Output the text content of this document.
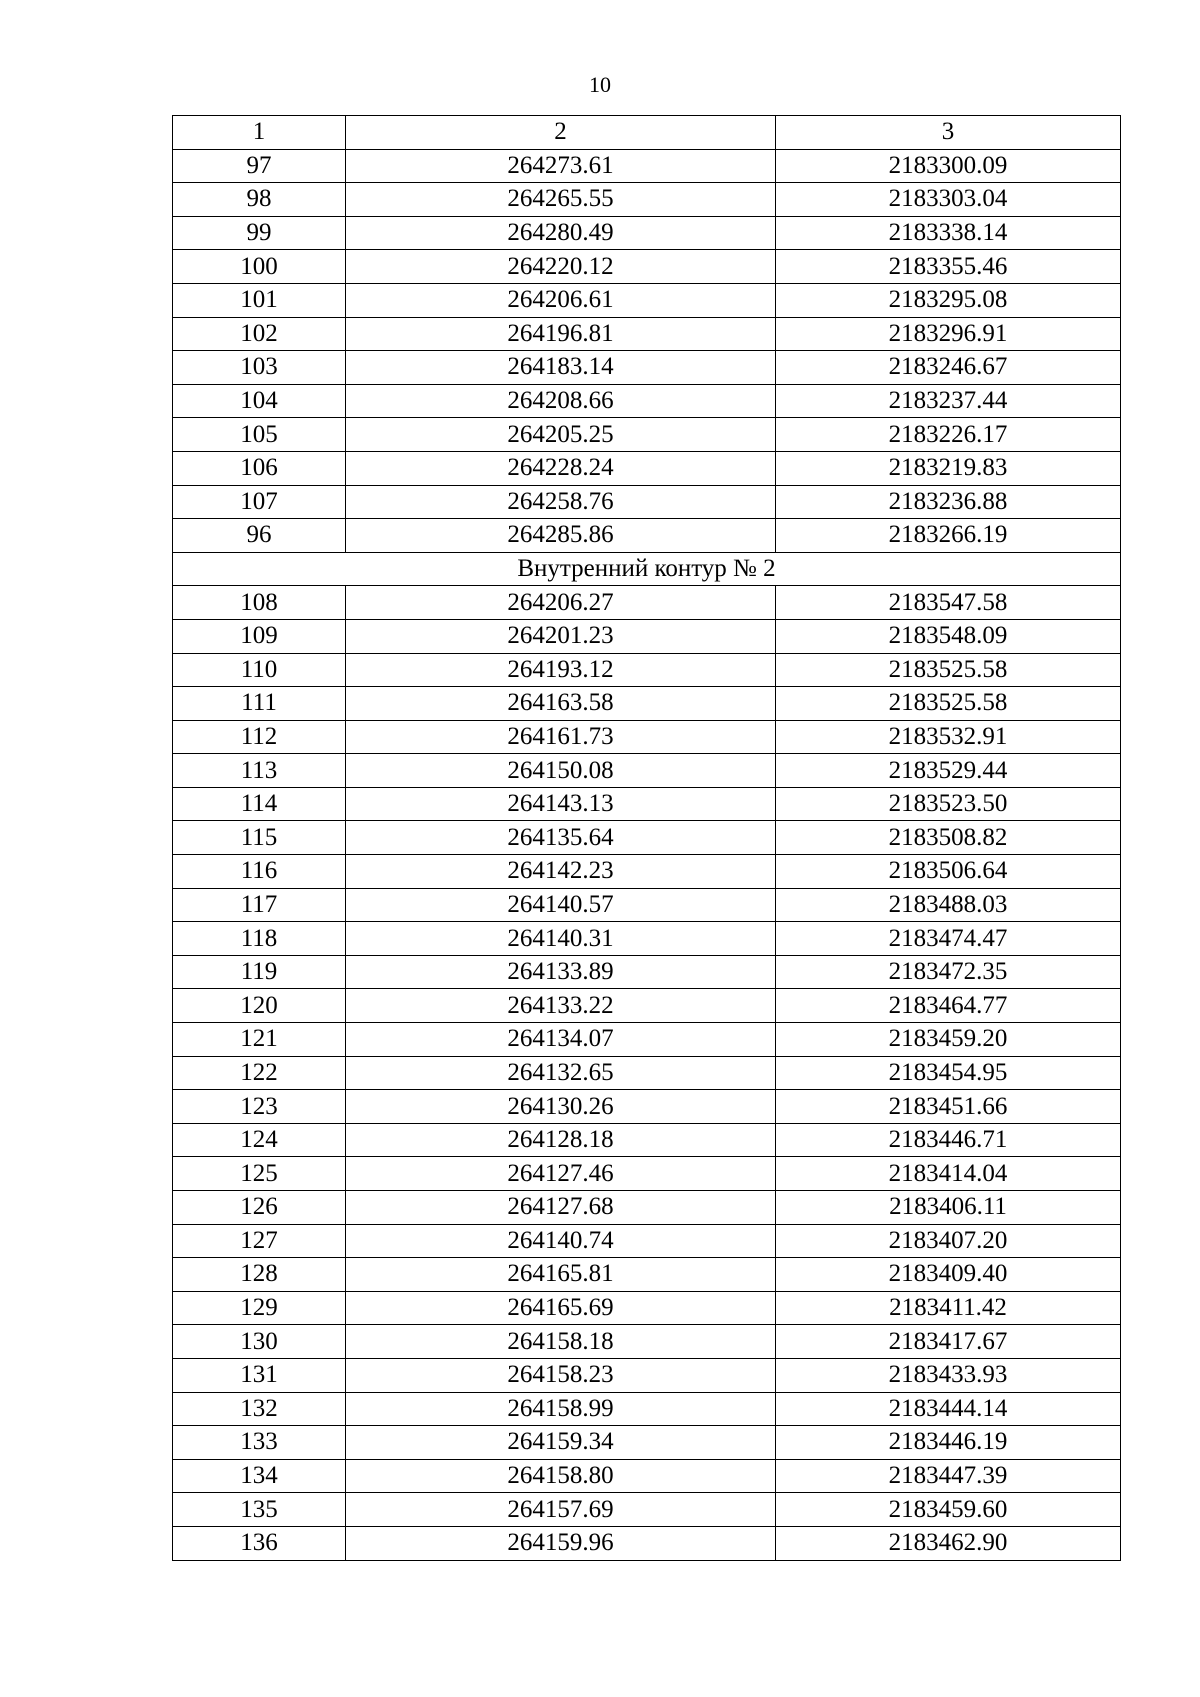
10
1	2	3
97	264273.61	2183300.09
98	264265.55	2183303.04
99	264280.49	2183338.14
100	264220.12	2183355.46
101	264206.61	2183295.08
102	264196.81	2183296.91
103	264183.14	2183246.67
104	264208.66	2183237.44
105	264205.25	2183226.17
106	264228.24	2183219.83
107	264258.76	2183236.88
96	264285.86	2183266.19
Внутренний контур № 2		
108	264206.27	2183547.58
109	264201.23	2183548.09
110	264193.12	2183525.58
111	264163.58	2183525.58
112	264161.73	2183532.91
113	264150.08	2183529.44
114	264143.13	2183523.50
115	264135.64	2183508.82
116	264142.23	2183506.64
117	264140.57	2183488.03
118	264140.31	2183474.47
119	264133.89	2183472.35
120	264133.22	2183464.77
121	264134.07	2183459.20
122	264132.65	2183454.95
123	264130.26	2183451.66
124	264128.18	2183446.71
125	264127.46	2183414.04
126	264127.68	2183406.11
127	264140.74	2183407.20
128	264165.81	2183409.40
129	264165.69	2183411.42
130	264158.18	2183417.67
131	264158.23	2183433.93
132	264158.99	2183444.14
133	264159.34	2183446.19
134	264158.80	2183447.39
135	264157.69	2183459.60
136	264159.96	2183462.90
